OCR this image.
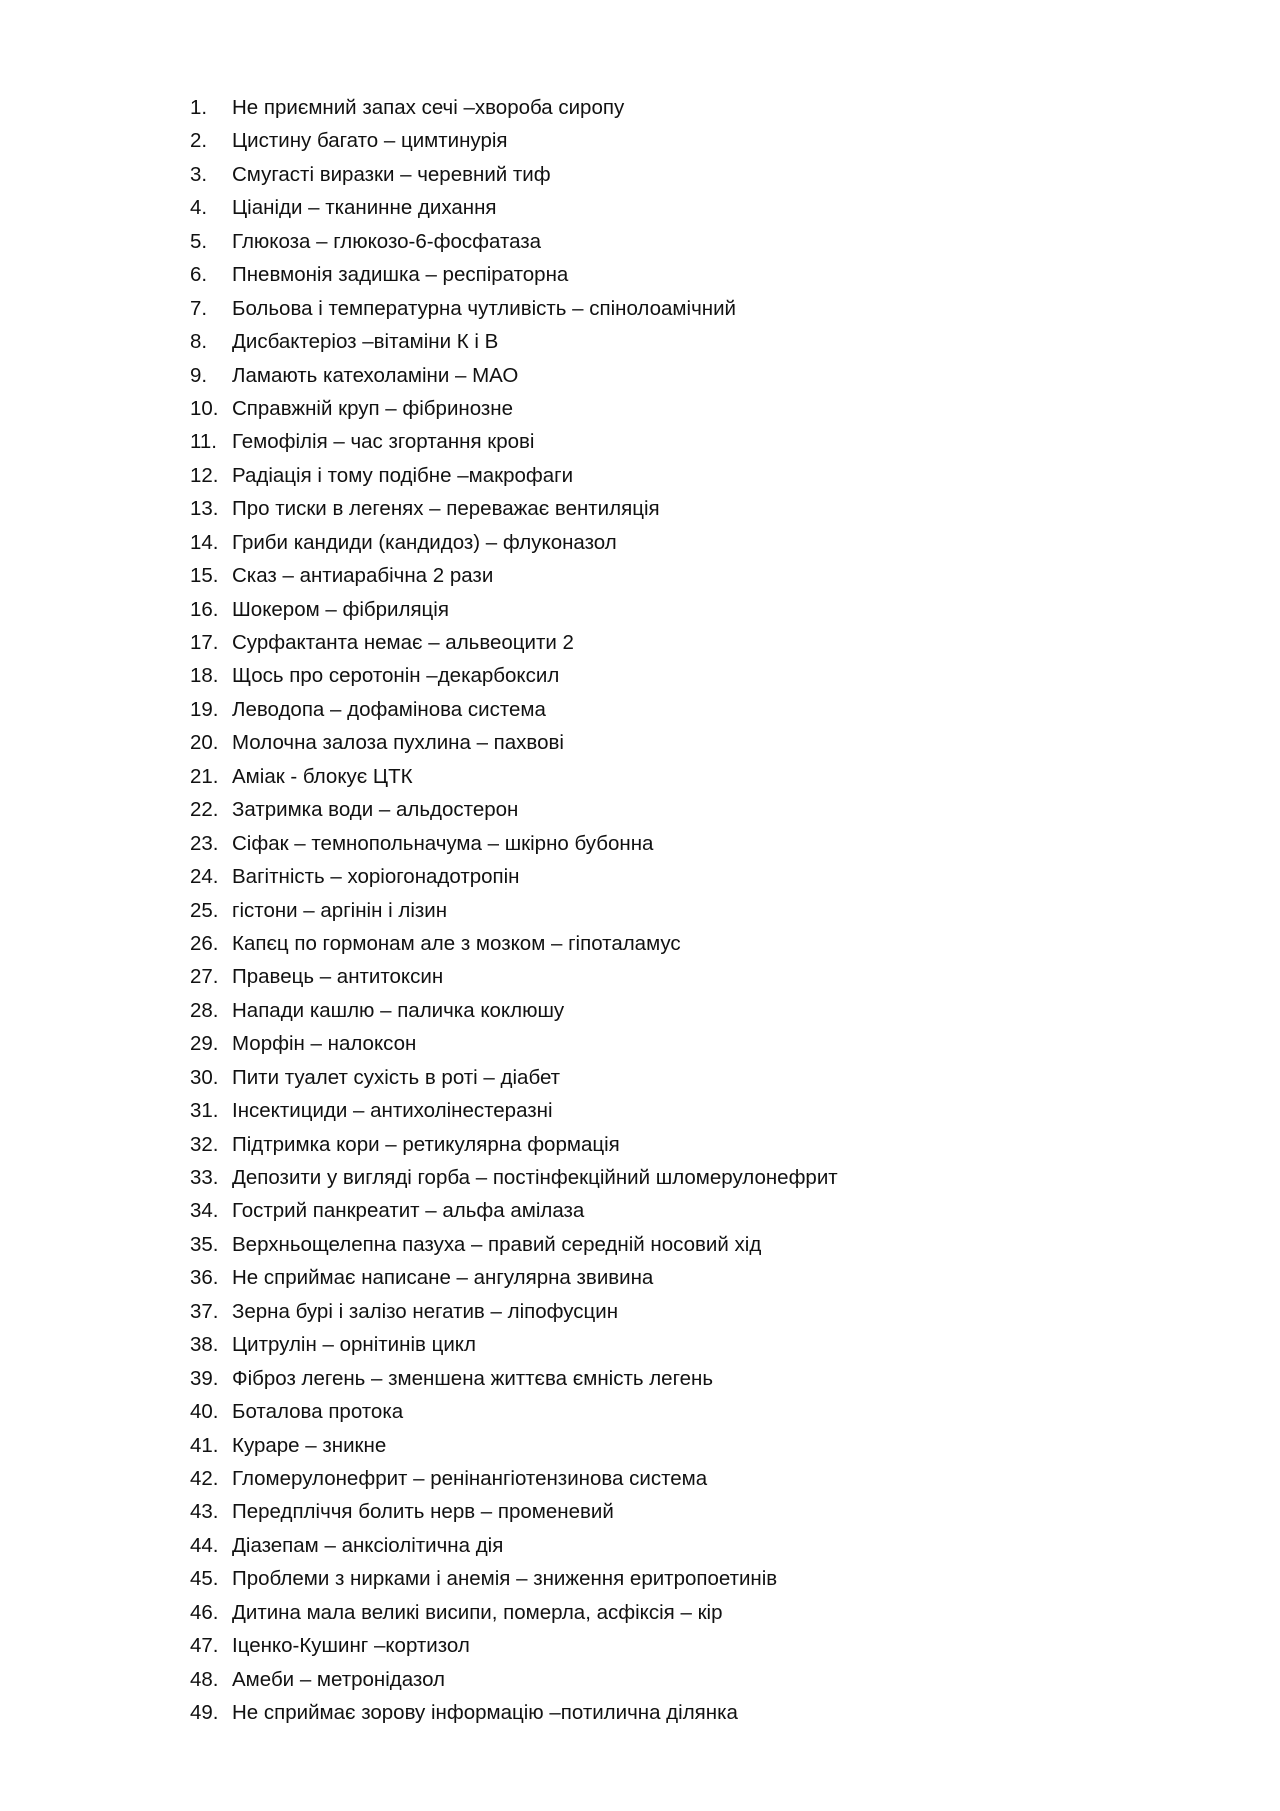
1.	Не приємний запах сечі –хвороба сиропу
2.	Цистину багато – цимтинурія
3.	Смугасті виразки – черевний тиф
4.	Ціаніди – тканинне дихання
5.	Глюкоза – глюкозо-6-фосфатаза
6.	Пневмонія задишка – респіраторна
7.	Больова і температурна чутливість – спінолоамічний
8.	Дисбактеріоз –вітаміни К і В
9.	Ламають катехоламіни – МАО
10. Справжній круп – фібринозне
11. Гемофілія – час згортання крові
12. Радіація і тому подібне –макрофаги
13. Про тиски в легенях – переважає вентиляція
14. Гриби кандиди (кандидоз) – флуконазол
15. Сказ – антиарабічна 2 рази
16. Шокером – фібриляція
17. Сурфактанта немає – альвеоцити 2
18. Щось про серотонін –декарбоксил
19. Леводопа – дофамінова система
20. Молочна залоза пухлина – пахвові
21. Аміак - блокує ЦТК
22. Затримка води – альдостерон
23. Сіфак – темнопольначума – шкірно бубонна
24. Вагітність – хоріогонадотропін
25. гістони – аргінін і лізин
26. Капєц по гормонам але з мозком – гіпоталамус
27. Правець – антитоксин
28. Напади кашлю – паличка коклюшу
29. Морфін – налоксон
30. Пити туалет сухість в роті – діабет
31. Інсектициди – антихолінестеразні
32. Підтримка кори – ретикулярна формація
33. Депозити у вигляді горба – постінфекційний шломерулонефрит
34. Гострий панкреатит – альфа амілаза
35. Верхньощелепна пазуха – правий середній носовий хід
36. Не сприймає написане – ангулярна звивина
37. Зерна бурі і залізо негатив – ліпофусцин
38. Цитрулін – орнітинів цикл
39. Фіброз легень – зменшена життєва ємність легень
40. Боталова протока
41. Кураре – зникне
42. Гломерулонефрит – ренінангіотензинова система
43. Передпліччя болить нерв – променевий
44. Діазепам – анксіолітична дія
45. Проблеми з нирками і анемія – зниження еритропоетинів
46. Дитина мала великі висипи, померла, асфіксія – кір
47. Іценко-Кушинг –кортизол
48. Амеби – метронідазол
49. Не сприймає зорову інформацію –потилична ділянка
